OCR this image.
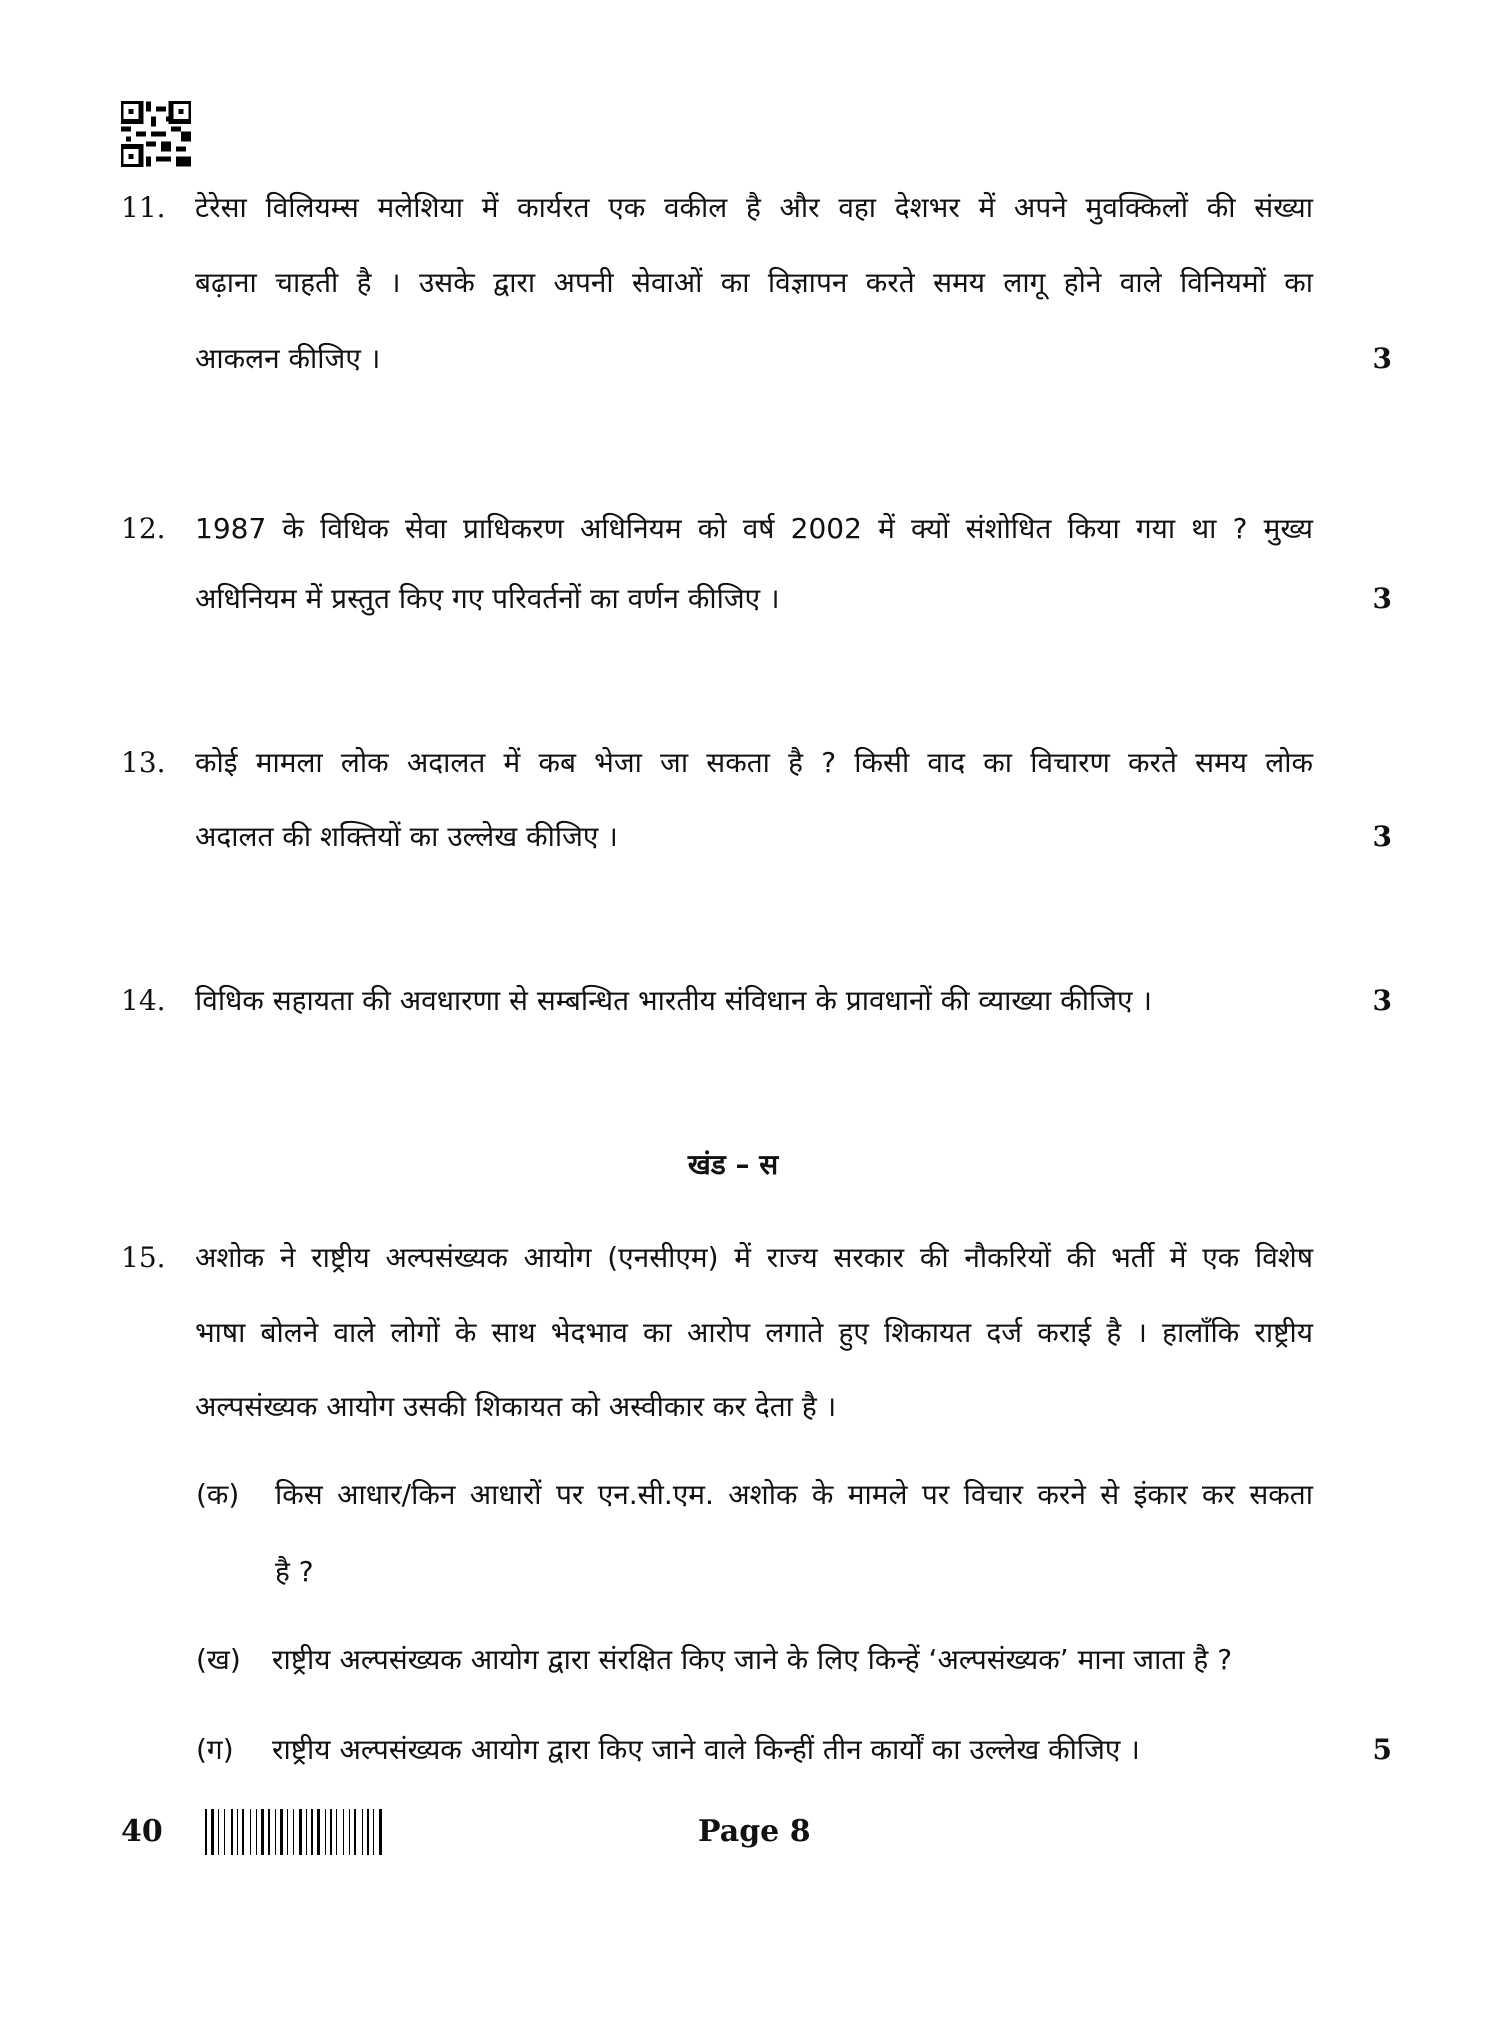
11. टेरेसा विलियम्स मलेशिया में कार्यरत एक वकील है और वहा देशभर में अपने मुवक्किलों की संख्या
बढ़ाना चाहती है । उसके द्वारा अपनी सेवाओं का विज्ञापन करते समय लागू होने वाले विनियमों का
आकलन कीजिए ।	3
12. 1987 के विधिक सेवा प्राधिकरण अधिनियम को वर्ष 2002 में क्यों संशोधित किया गया था ? मुख्य
अधिनियम में प्रस्तुत किए गए परिवर्तनों का वर्णन कीजिए ।	3
13. कोई मामला लोक अदालत में कब भेजा जा सकता है ? किसी वाद का विचारण करते समय लोक
अदालत की शक्तियों का उल्लेख कीजिए ।	3
14. विधिक सहायता की अवधारणा से सम्बन्धित भारतीय संविधान के प्रावधानों की व्याख्या कीजिए ।	3
खंड – स
15. अशोक ने राष्ट्रीय अल्पसंख्यक आयोग (एनसीएम) में राज्य सरकार की नौकरियों की भर्ती में एक विशेष
भाषा बोलने वाले लोगों के साथ भेदभाव का आरोप लगाते हुए शिकायत दर्ज कराई है । हालाँकि राष्ट्रीय
अल्पसंख्यक आयोग उसकी शिकायत को अस्वीकार कर देता है ।
(क) किस आधार/किन आधारों पर एन.सी.एम. अशोक के मामले पर विचार करने से इंकार कर सकता
है ?
(ख) राष्ट्रीय अल्पसंख्यक आयोग द्वारा संरक्षित किए जाने के लिए किन्हें ‘अल्पसंख्यक’ माना जाता है ?
(ग) राष्ट्रीय अल्पसंख्यक आयोग द्वारा किए जाने वाले किन्हीं तीन कार्यों का उल्लेख कीजिए ।	5
40	Page 8
